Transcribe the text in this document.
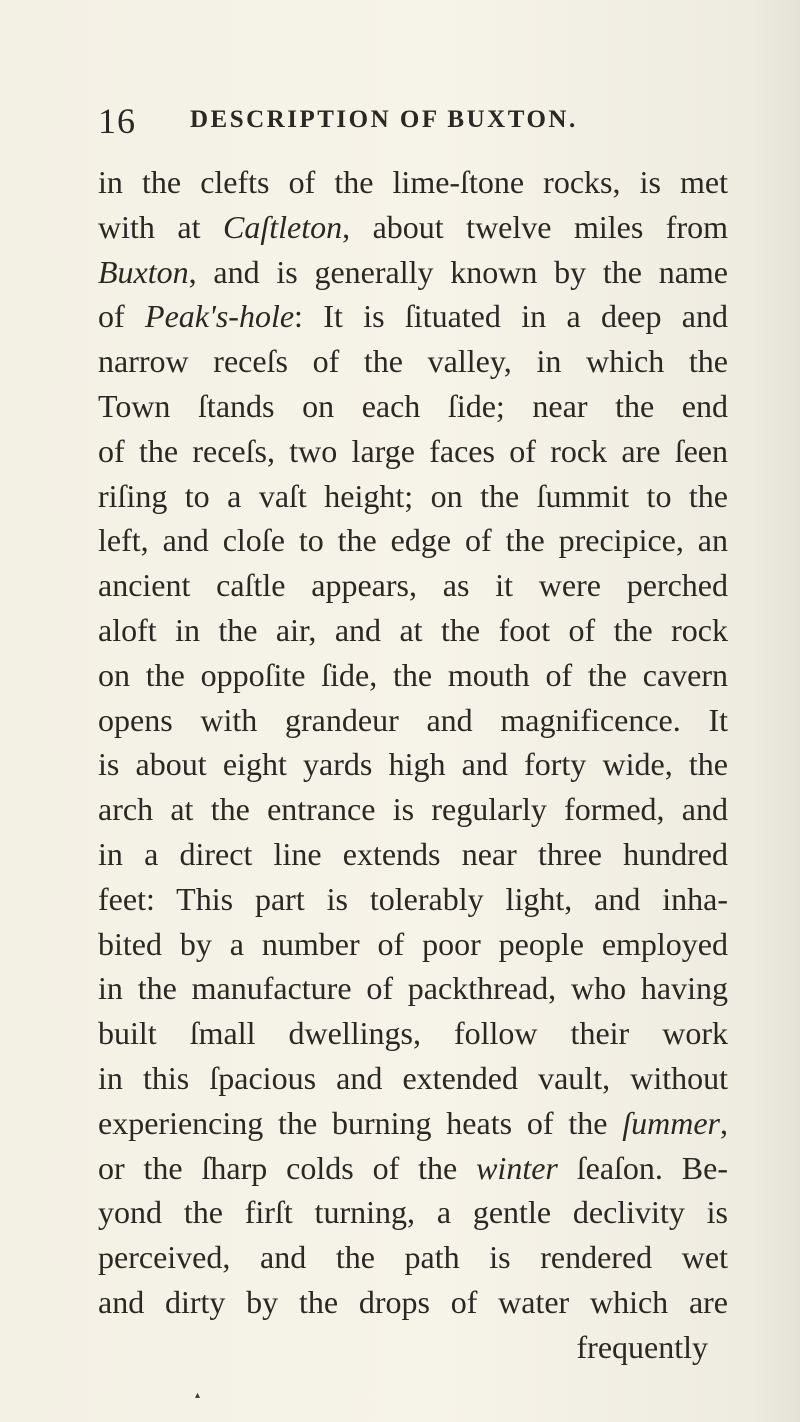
16 DESCRIPTION OF BUXTON.
in the clefts of the lime-ſtone rocks, is met
with at Caſtleton, about twelve miles from
Buxton, and is generally known by the name
of Peak's-hole: It is ſituated in a deep and
narrow receſs of the valley, in which the
Town ſtands on each ſide; near the end
of the receſs, two large faces of rock are ſeen
riſing to a vaſt height; on the ſummit to the
left, and cloſe to the edge of the precipice, an
ancient caſtle appears, as it were perched
aloft in the air, and at the foot of the rock
on the oppoſite ſide, the mouth of the cavern
opens with grandeur and magnificence. It
is about eight yards high and forty wide, the
arch at the entrance is regularly formed, and
in a direct line extends near three hundred
feet: This part is tolerably light, and inha-
bited by a number of poor people employed
in the manufacture of packthread, who having
built ſmall dwellings, follow their work
in this ſpacious and extended vault, without
experiencing the burning heats of the ſummer,
or the ſharp colds of the winter ſeaſon. Be-
yond the firſt turning, a gentle declivity is
perceived, and the path is rendered wet
and dirty by the drops of water which are
frequently
▴
